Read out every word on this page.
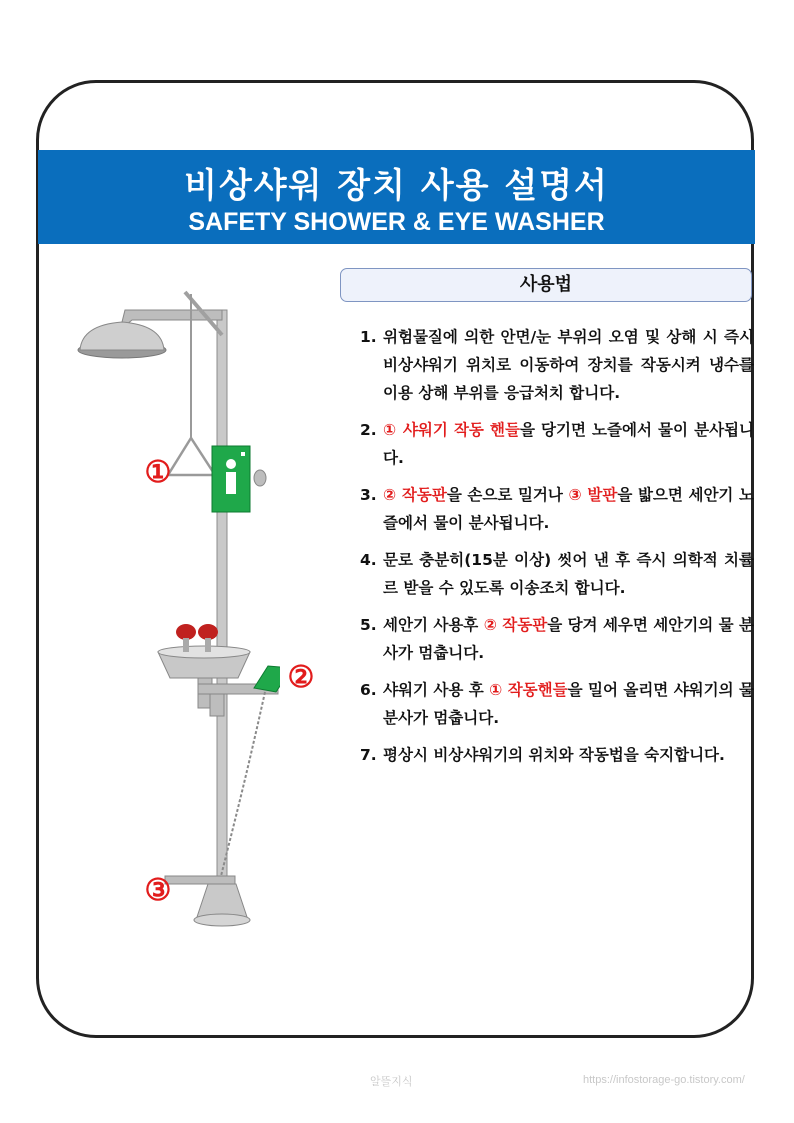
비상샤워 장치 사용 설명서
SAFETY SHOWER & EYE WASHER
사용법
①
②
③
1. 위험물질에 의한 안면/눈 부위의 오염 및 상해 시 즉시 비상샤워기 위치로 이동하여 장치를 작동시켜 냉수를 이용 상해 부위를 응급처치 합니다.
2. ① 샤워기 작동 핸들을 당기면 노즐에서 물이 분사됩니다.
3. ② 작동판을 손으로 밀거나 ③ 발판을 밟으면 세안기 노즐에서 물이 분사됩니다.
4. 문로 충분히(15분 이상) 씻어 낸 후 즉시 의학적 치률르 받을 수 있도록 이송조치 합니다.
5. 세안기 사용후 ② 작동판을 당겨 세우면 세안기의 물 분사가 멈춥니다.
6. 샤워기 사용 후 ① 작동핸들을 밀어 올리면 샤워기의 물 분사가 멈춥니다.
7. 평상시 비상샤워기의 위치와 작동법을 숙지합니다.
알뜰지식	https://infostorage-go.tistory.com/
